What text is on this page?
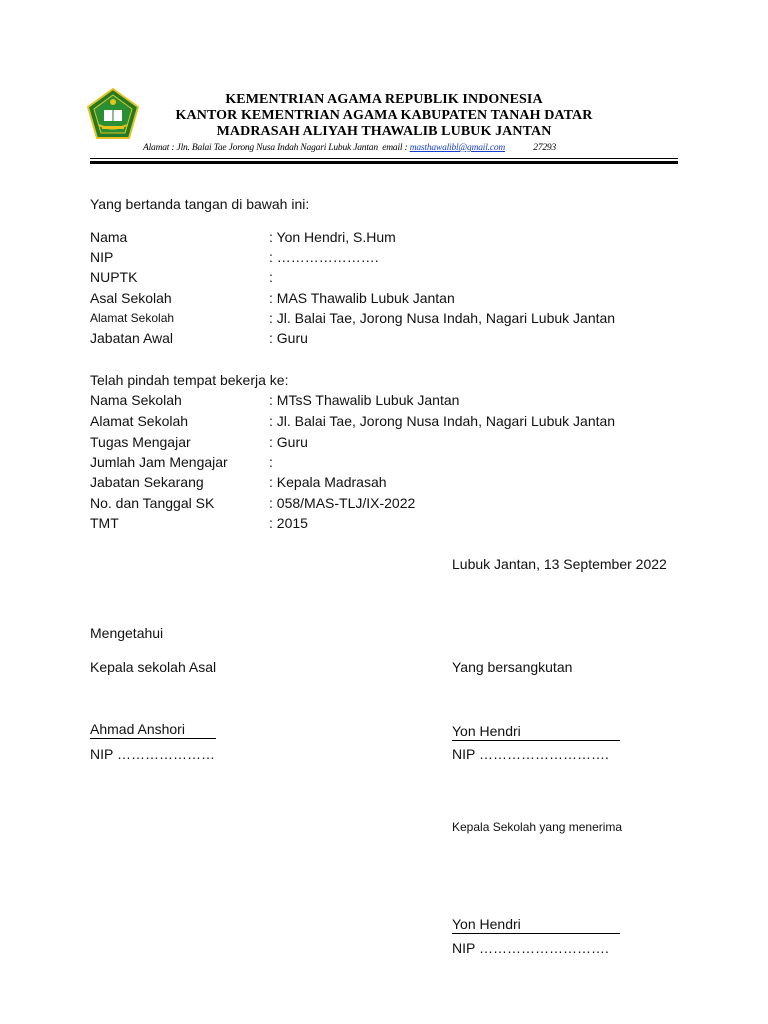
KEMENTRIAN AGAMA REPUBLIK INDONESIA
KANTOR KEMENTRIAN AGAMA KABUPATEN TANAH DATAR
MADRASAH ALIYAH THAWALIB LUBUK JANTAN
Alamat : Jln. Balai Tae Jorong Nusa Indah Nagari Lubuk Jantan email : masthawalibl@gmail.com	27293
Yang bertanda tangan di bawah ini:
Nama	: Yon Hendri, S.Hum
NIP	: ………………….
NUPTK	:
Asal Sekolah	: MAS Thawalib Lubuk Jantan
Alamat Sekolah	: Jl. Balai Tae, Jorong Nusa Indah, Nagari Lubuk Jantan
Jabatan Awal	: Guru
Telah pindah tempat bekerja ke:
Nama Sekolah	: MTsS Thawalib Lubuk Jantan
Alamat Sekolah	: Jl. Balai Tae, Jorong Nusa Indah, Nagari Lubuk Jantan
Tugas Mengajar	: Guru
Jumlah Jam Mengajar	:
Jabatan Sekarang	: Kepala Madrasah
No. dan Tanggal SK	: 058/MAS-TLJ/IX-2022
TMT	: 2015
Lubuk Jantan, 13 September 2022
Mengetahui
Kepala sekolah Asal	Yang bersangkutan
Ahmad Anshori	Yon Hendri
NIP …………………	NIP ……………………….
Kepala Sekolah yang menerima
Yon Hendri
NIP ……………………….
